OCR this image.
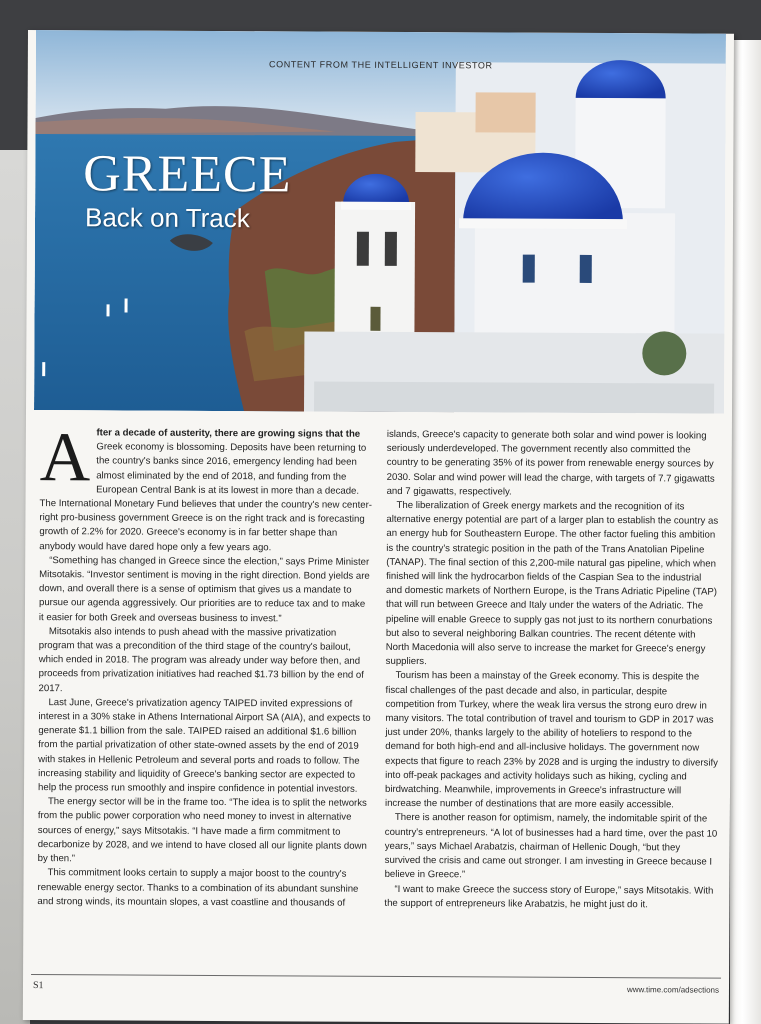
CONTENT FROM THE INTELLIGENT INVESTOR
GREECE
Back on Track

After a decade of austerity, there are growing signs that the Greek economy is blossoming. Deposits have been returning to the country's banks since 2016, emergency lending had been almost eliminated by the end of 2018, and funding from the European Central Bank is at its lowest in more than a decade. The International Monetary Fund believes that under the country's new center-right pro-business government Greece is on the right track and is forecasting growth of 2.2% for 2020. Greece's economy is in far better shape than anybody would have dared hope only a few years ago.

“Something has changed in Greece since the election,” says Prime Minister Mitsotakis. “Investor sentiment is moving in the right direction. Bond yields are down, and overall there is a sense of optimism that gives us a mandate to pursue our agenda aggressively. Our priorities are to reduce tax and to make it easier for both Greek and overseas business to invest.”

Mitsotakis also intends to push ahead with the massive privatization program that was a precondition of the third stage of the country's bailout, which ended in 2018. The program was already under way before then, and proceeds from privatization initiatives had reached $1.73 billion by the end of 2017.

Last June, Greece's privatization agency TAIPED invited expressions of interest in a 30% stake in Athens International Airport SA (AIA), and expects to generate $1.1 billion from the sale. TAIPED raised an additional $1.6 billion from the partial privatization of other state-owned assets by the end of 2019 with stakes in Hellenic Petroleum and several ports and roads to follow. The increasing stability and liquidity of Greece's banking sector are expected to help the process run smoothly and inspire confidence in potential investors.

The energy sector will be in the frame too. “The idea is to split the networks from the public power corporation who need money to invest in alternative sources of energy,” says Mitsotakis. “I have made a firm commitment to decarbonize by 2028, and we intend to have closed all our lignite plants down by then.”

This commitment looks certain to supply a major boost to the country's renewable energy sector. Thanks to a combination of its abundant sunshine and strong winds, its mountain slopes, a vast coastline and thousands of

islands, Greece's capacity to generate both solar and wind power is looking seriously underdeveloped. The government recently also committed the country to be generating 35% of its power from renewable energy sources by 2030. Solar and wind power will lead the charge, with targets of 7.7 gigawatts and 7 gigawatts, respectively.

The liberalization of Greek energy markets and the recognition of its alternative energy potential are part of a larger plan to establish the country as an energy hub for Southeastern Europe. The other factor fueling this ambition is the country's strategic position in the path of the Trans Anatolian Pipeline (TANAP). The final section of this 2,200-mile natural gas pipeline, which when finished will link the hydrocarbon fields of the Caspian Sea to the industrial and domestic markets of Northern Europe, is the Trans Adriatic Pipeline (TAP) that will run between Greece and Italy under the waters of the Adriatic. The pipeline will enable Greece to supply gas not just to its northern conurbations but also to several neighboring Balkan countries. The recent détente with North Macedonia will also serve to increase the market for Greece's energy suppliers.

Tourism has been a mainstay of the Greek economy. This is despite the fiscal challenges of the past decade and also, in particular, despite competition from Turkey, where the weak lira versus the strong euro drew in many visitors. The total contribution of travel and tourism to GDP in 2017 was just under 20%, thanks largely to the ability of hoteliers to respond to the demand for both high-end and all-inclusive holidays. The government now expects that figure to reach 23% by 2028 and is urging the industry to diversify into off-peak packages and activity holidays such as hiking, cycling and birdwatching. Meanwhile, improvements in Greece's infrastructure will increase the number of destinations that are more easily accessible.

There is another reason for optimism, namely, the indomitable spirit of the country's entrepreneurs. “A lot of businesses had a hard time, over the past 10 years,” says Michael Arabatzis, chairman of Hellenic Dough, “but they survived the crisis and came out stronger. I am investing in Greece because I believe in Greece.”

“I want to make Greece the success story of Europe,” says Mitsotakis. With the support of entrepreneurs like Arabatzis, he might just do it.

S1	www.time.com/adsections
